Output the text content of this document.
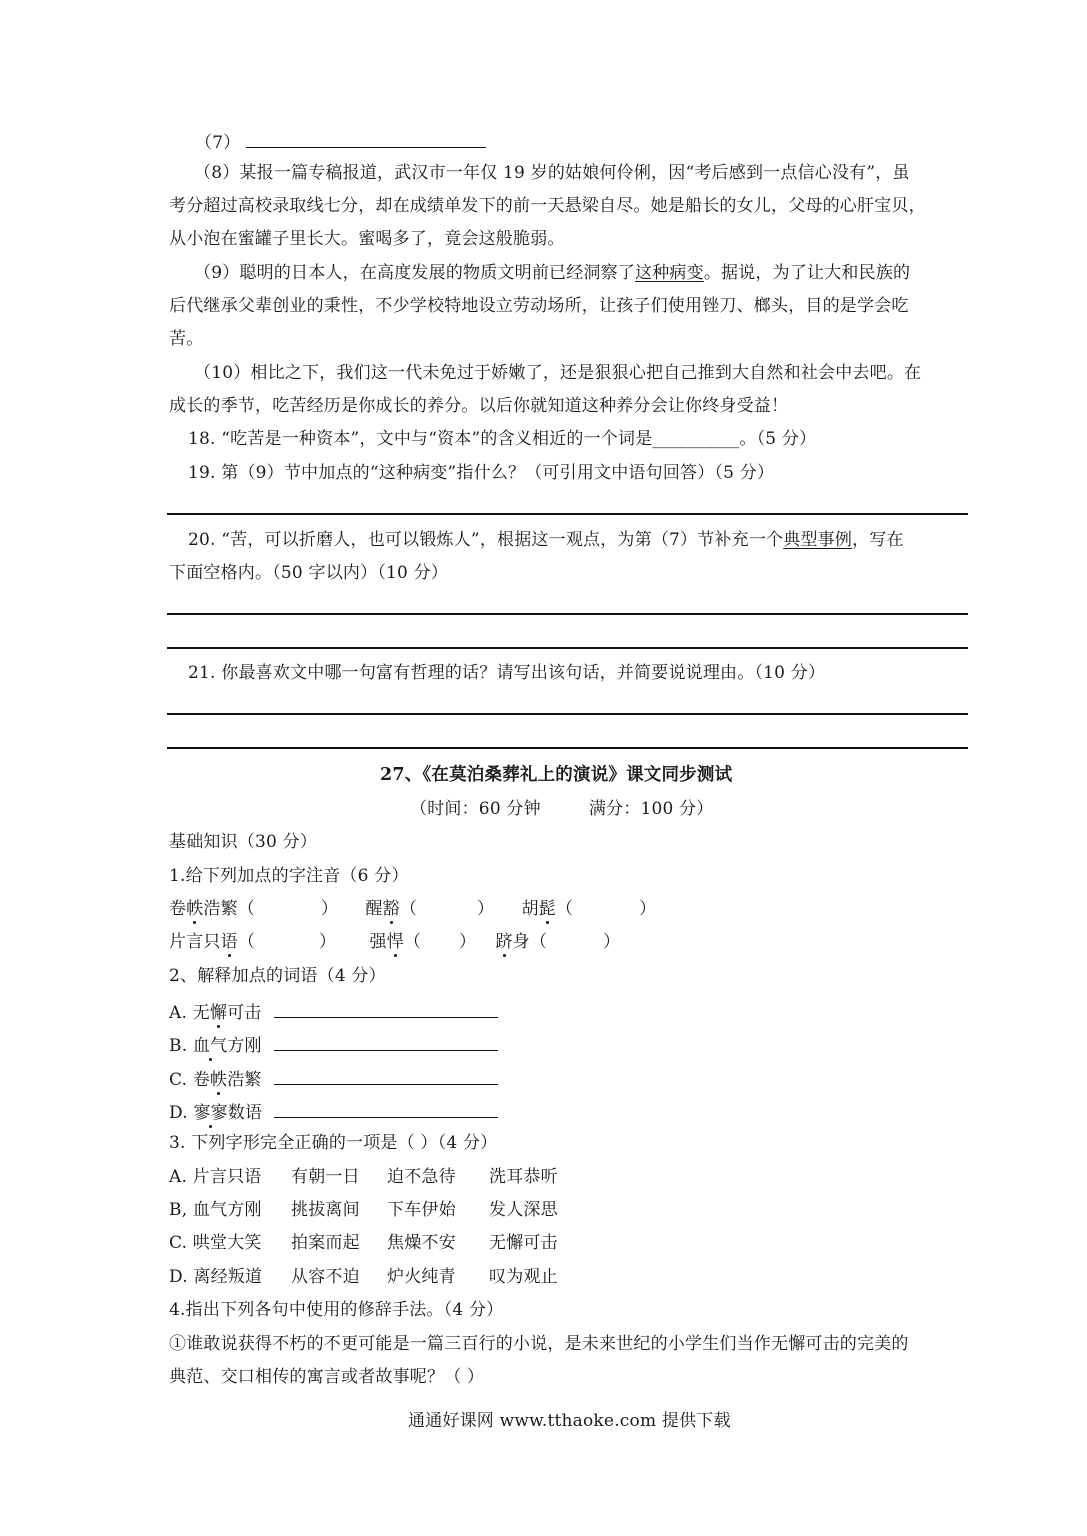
（7）
（8）某报一篇专稿报道，武汉市一年仅 19 岁的姑娘何伶俐，因“考后感到一点信心没有”，虽
考分超过高校录取线七分，却在成绩单发下的前一天悬梁自尽。她是船长的女儿，父母的心肝宝贝，
从小泡在蜜罐子里长大。蜜喝多了，竟会这般脆弱。
（9）聪明的日本人，在高度发展的物质文明前已经洞察了这种病变。据说，为了让大和民族的
后代继承父辈创业的秉性，不少学校特地设立劳动场所，让孩子们使用锉刀、榔头，目的是学会吃
苦。
（10）相比之下，我们这一代未免过于娇嫩了，还是狠狠心把自己推到大自然和社会中去吧。在
成长的季节，吃苦经历是你成长的养分。以后你就知道这种养分会让你终身受益！
18. “吃苦是一种资本”，文中与“资本”的含义相近的一个词是__________。（5 分）
19. 第（9）节中加点的“这种病变”指什么？（可引用文中语句回答）（5 分）
20. “苦，可以折磨人，也可以锻炼人”，根据这一观点，为第（7）节补充一个典型事例，写在
下面空格内。（50 字以内）（10 分）
21. 你最喜欢文中哪一句富有哲理的话？请写出该句话，并简要说说理由。（10 分）
27、《在莫泊桑葬礼上的演说》课文同步测试
（时间：60 分钟	满分：100 分）
基础知识（30 分）
1.给下列加点的字注音（6 分）
卷帙浩繁（	） 醒豁（	） 胡髭（	）
片言只语（	） 强悍（ ） 跻身（	）
2、解释加点的词语（4 分）
A. 无懈可击
B. 血气方刚
C. 卷帙浩繁
D. 寥寥数语
3. 下列字形完全正确的一项是（ ）（4 分）
A. 片言只语 有朝一日 迫不急待 洗耳恭听
B, 血气方刚 挑拔离间 下车伊始 发人深思
C. 哄堂大笑 拍案而起 焦燥不安 无懈可击
D. 离经叛道 从容不迫 炉火纯青 叹为观止
4.指出下列各句中使用的修辞手法。（4 分）
①谁敢说获得不朽的不更可能是一篇三百行的小说，是未来世纪的小学生们当作无懈可击的完美的
典范、交口相传的寓言或者故事呢？（ ）
通通好课网 www.tthaoke.com 提供下载
